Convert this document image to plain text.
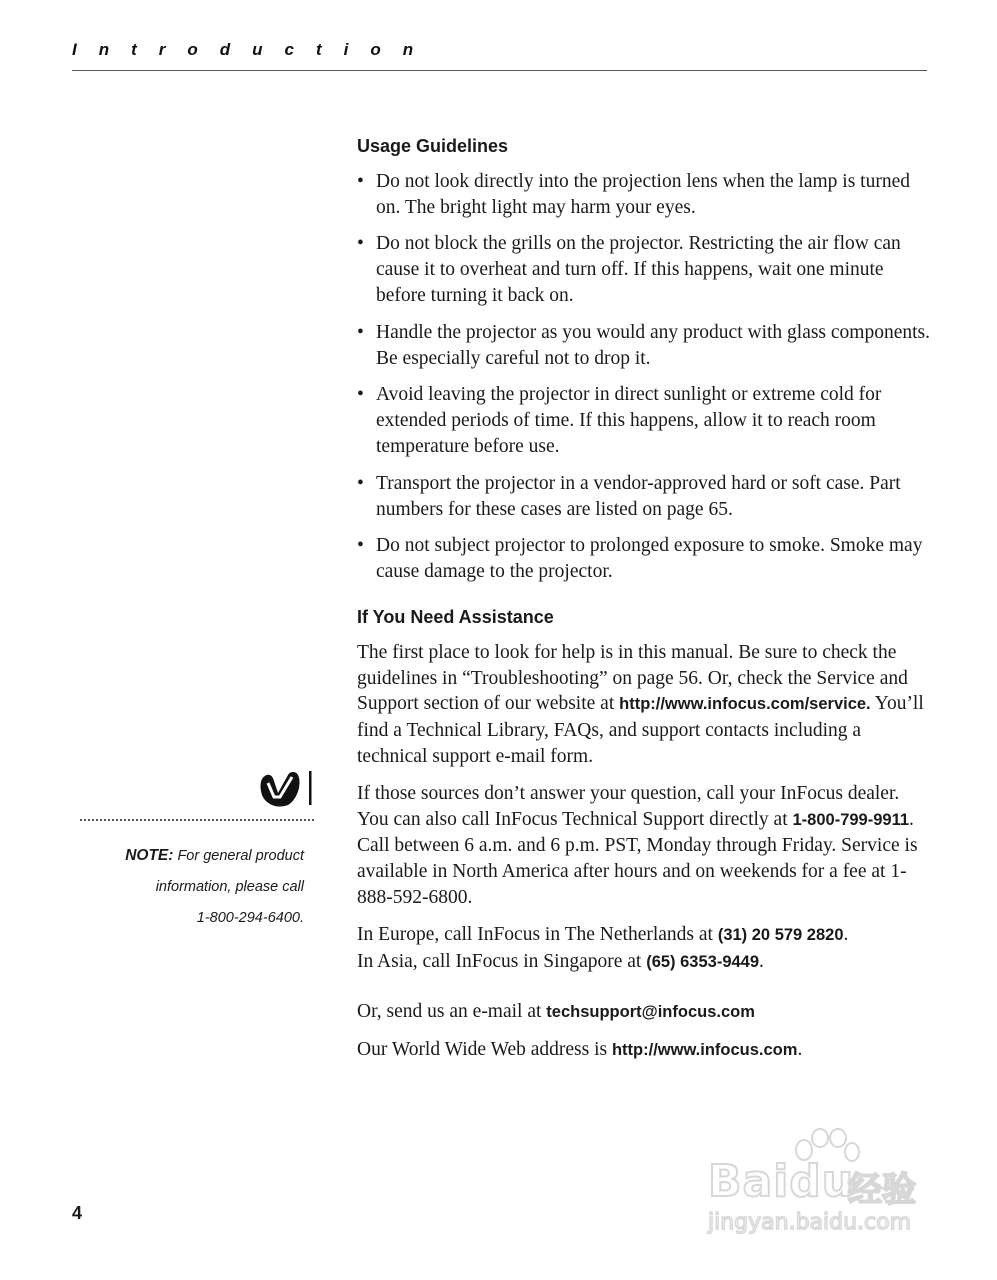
Introduction
Usage Guidelines
• Do not look directly into the projection lens when the lamp is turned on. The bright light may harm your eyes.
• Do not block the grills on the projector. Restricting the air flow can cause it to overheat and turn off. If this happens, wait one minute before turning it back on.
• Handle the projector as you would any product with glass components. Be especially careful not to drop it.
• Avoid leaving the projector in direct sunlight or extreme cold for extended periods of time. If this happens, allow it to reach room temperature before use.
• Transport the projector in a vendor-approved hard or soft case. Part numbers for these cases are listed on page 65.
• Do not subject projector to prolonged exposure to smoke. Smoke may cause damage to the projector.
If You Need Assistance

The first place to look for help is in this manual. Be sure to check the guidelines in “Troubleshooting” on page 56. Or, check the Service and Support section of our website at http://www.infocus.com/service. You’ll find a Technical Library, FAQs, and support contacts including a technical support e-mail form.

If those sources don’t answer your question, call your InFocus dealer. You can also call InFocus Technical Support directly at 1-800-799-9911. Call between 6 a.m. and 6 p.m. PST, Monday through Friday. Service is available in North America after hours and on weekends for a fee at 1-888-592-6800.

In Europe, call InFocus in The Netherlands at (31) 20 579 2820.
In Asia, call InFocus in Singapore at (65) 6353-9449.

Or, send us an e-mail at techsupport@infocus.com

Our World Wide Web address is http://www.infocus.com.

NOTE: For general product
information, please call
1-800-294-6400.
4
Baidu
经验
jingyan.baidu.com
